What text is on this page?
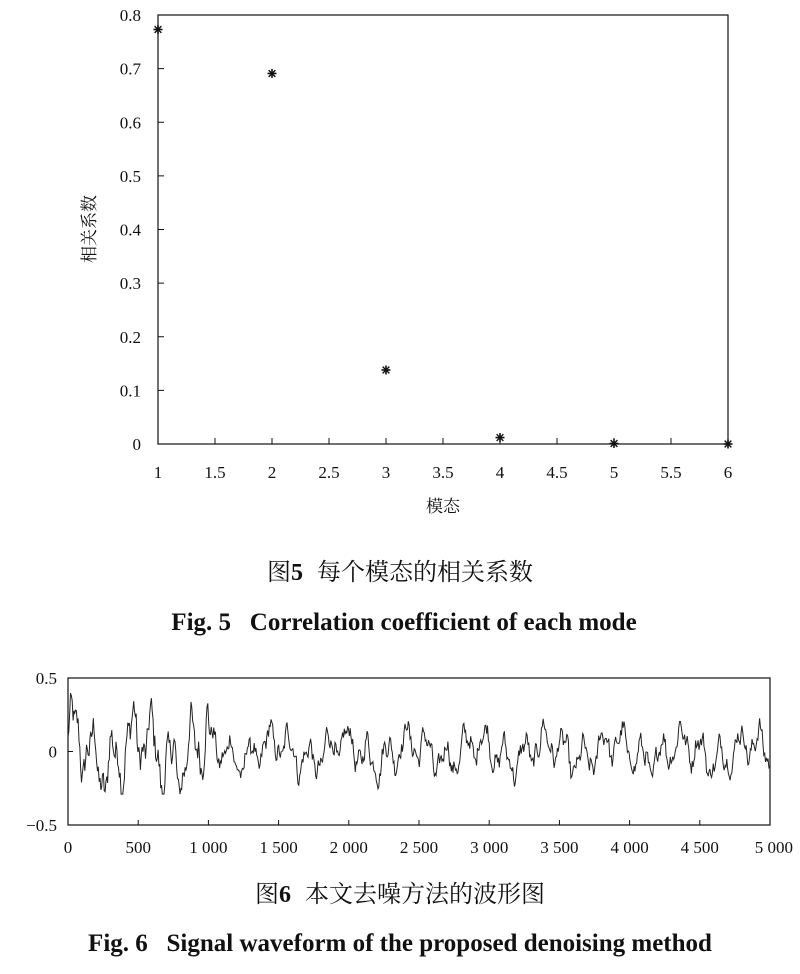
1 1.5 2 2.5 3 3.5 4 4.5 5 5.5 6
0
0.1
0.2
0.3
0.4
0.5
0.6
0.7
0.8
模态
相关系数
图5 每个模态的相关系数
Fig. 5   Correlation coefficient of each mode
0	500 1 000 1 500 2 000 2 500 3 000 3 500 4 000 4 500 5 000
0.5
0
−0.5
图6 本文去噪方法的波形图
Fig. 6   Signal waveform of the proposed denoising method
